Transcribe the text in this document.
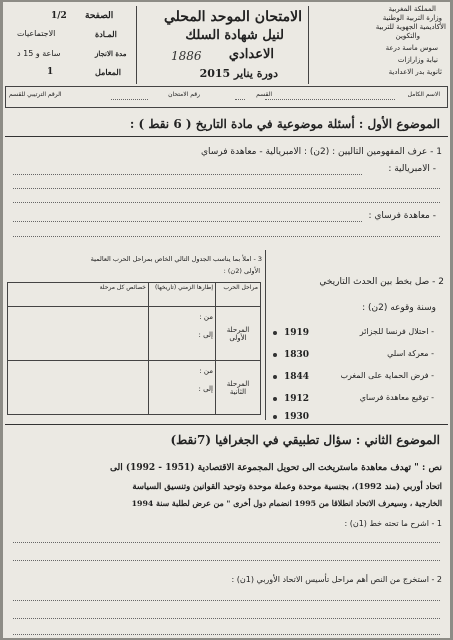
المملكة المغربية
وزارة التربية الوطنية
الأكاديمية الجهوية للتربية
والتكوين
سوس ماسة درعة
نيابة وزارازات
ثانوية بدر الاعدادية
الامتحان الموحد المحلي
لنيل شهادة السلك
الاعدادي
دورة يناير 2015
1886
الصفحة
1/2
المـادة
الاجتماعيات
مدة الانجاز
ساعة و 15 د
المعامل
1
الاسم الكامل
القسم
رقم الامتحان
الرقم الترتيبي للقسم
الموضوع الأول : أسئلة موضوعية في مادة التاريخ ( 6 نقط ) :
1 - عرف المفهومين التاليين : (2ن) : الامبريالية - معاهدة فرساي
- الامبريالية :
- معاهدة فرساي :
2 - صل بخط بين الحدث التاريخي
وسنة وقوعه (2ن) :
- احتلال فرنسا للجزائر
1919
- معركة اسلي
1830
- فرض الحماية على المغرب
1844
- توقيع معاهدة فرساي
1912
1930
3 - املأ بما يناسب الجدول التالي الخاص بمراحل الحرب العالمية
الأولى (2ن) :
مراحل الحرب	إطارها الزمني (تاريخها)	خصائص كل مرحلة
المرحلة الأولى	من :
إلى :	

المرحلة الثانية	من :
إلى :	

الموضوع الثاني : سؤال تطبيقي في الجغرافيا (7نقط)
نص : " تهدف معاهدة ماستريخت الى تحويل المجموعة الاقتصادية (1951 - 1992) الى
اتحاد أوربي (مند 1992)، بجنسية موحدة وعملة موحدة وتوحيد القوانين وتنسيق السياسة
الخارجية ، وسيعرف الاتحاد انطلاقا من 1995 انضمام دول أخرى " من عرض لطلبة سنة 1994
1 - اشرح ما تحته خط (1ن) :
2 - استخرج من النص أهم مراحل تأسيس الاتحاد الأوربي (1ن) :
